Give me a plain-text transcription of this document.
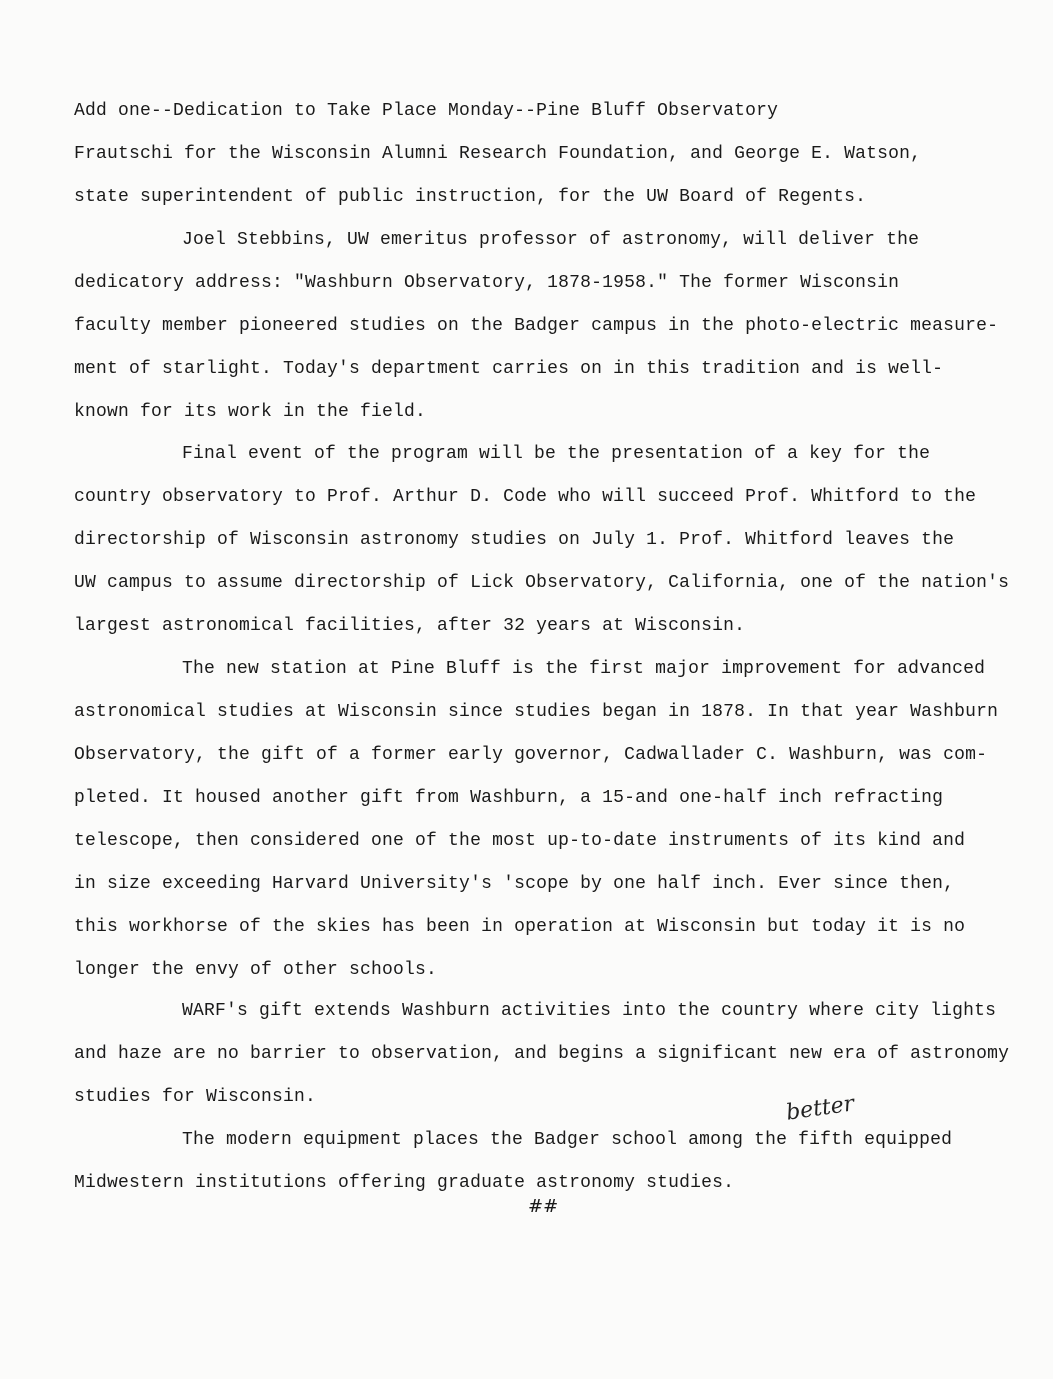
Add one--Dedication to Take Place Monday--Pine Bluff Observatory
Frautschi for the Wisconsin Alumni Research Foundation, and George E. Watson,
state superintendent of public instruction, for the UW Board of Regents.
Joel Stebbins, UW emeritus professor of astronomy, will deliver the
dedicatory address: "Washburn Observatory, 1878-1958." The former Wisconsin
faculty member pioneered studies on the Badger campus in the photo-electric measure-
ment of starlight. Today's department carries on in this tradition and is well-
known for its work in the field.
Final event of the program will be the presentation of a key for the
country observatory to Prof. Arthur D. Code who will succeed Prof. Whitford to the
directorship of Wisconsin astronomy studies on July 1. Prof. Whitford leaves the
UW campus to assume directorship of Lick Observatory, California, one of the nation's
largest astronomical facilities, after 32 years at Wisconsin.
The new station at Pine Bluff is the first major improvement for advanced
astronomical studies at Wisconsin since studies began in 1878. In that year Washburn
Observatory, the gift of a former early governor, Cadwallader C. Washburn, was com-
pleted. It housed another gift from Washburn, a 15-and one-half inch refracting
telescope, then considered one of the most up-to-date instruments of its kind and
in size exceeding Harvard University's 'scope by one half inch. Ever since then,
this workhorse of the skies has been in operation at Wisconsin but today it is no
longer the envy of other schools.
WARF's gift extends Washburn activities into the country where city lights
and haze are no barrier to observation, and begins a significant new era of astronomy
studies for Wisconsin.	better
The modern equipment places the Badger school among the fifth equipped
Midwestern institutions offering graduate astronomy studies.
##
